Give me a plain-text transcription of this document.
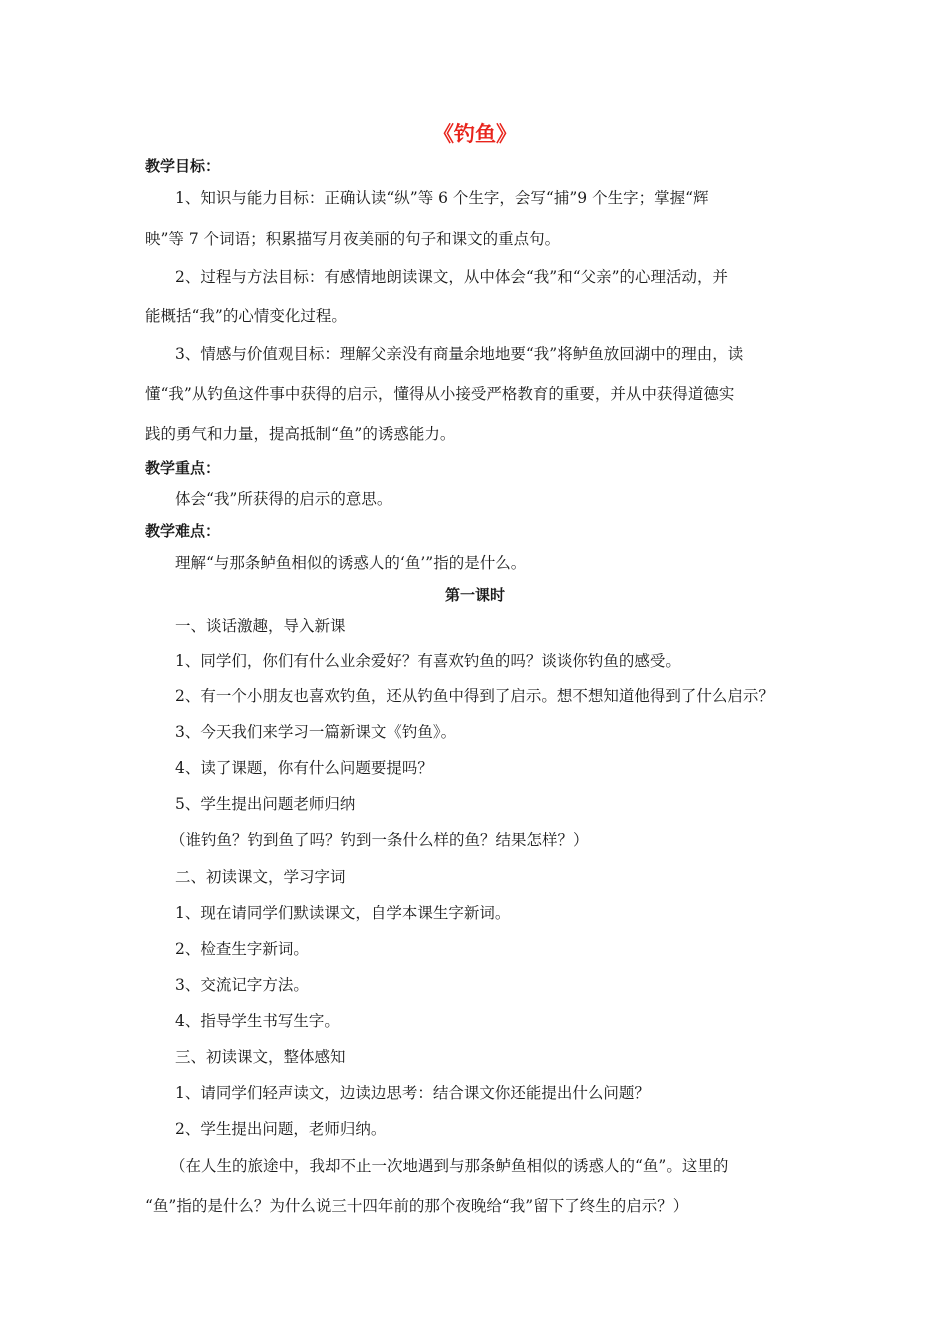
《钓鱼》
教学目标：
1、知识与能力目标：正确认读“纵”等 6 个生字，会写“捕”9 个生字；掌握“辉
映”等 7 个词语；积累描写月夜美丽的句子和课文的重点句。
2、过程与方法目标：有感情地朗读课文，从中体会“我”和“父亲”的心理活动，并
能概括“我”的心情变化过程。
3、情感与价值观目标：理解父亲没有商量余地地要“我”将鲈鱼放回湖中的理由，读
懂“我”从钓鱼这件事中获得的启示，懂得从小接受严格教育的重要，并从中获得道德实
践的勇气和力量，提高抵制“鱼”的诱惑能力。
教学重点：
体会“我”所获得的启示的意思。
教学难点：
理解“与那条鲈鱼相似的诱惑人的‘鱼’”指的是什么。
第一课时
一、谈话激趣，导入新课
1、同学们，你们有什么业余爱好？有喜欢钓鱼的吗？谈谈你钓鱼的感受。
2、有一个小朋友也喜欢钓鱼，还从钓鱼中得到了启示。想不想知道他得到了什么启示？
3、今天我们来学习一篇新课文《钓鱼》。
4、读了课题，你有什么问题要提吗？
5、学生提出问题老师归纳
（谁钓鱼？钓到鱼了吗？钓到一条什么样的鱼？结果怎样？）
二、初读课文，学习字词
1、现在请同学们默读课文，自学本课生字新词。
2、检查生字新词。
3、交流记字方法。
4、指导学生书写生字。
三、初读课文，整体感知
1、请同学们轻声读文，边读边思考：结合课文你还能提出什么问题？
2、学生提出问题，老师归纳。
（在人生的旅途中，我却不止一次地遇到与那条鲈鱼相似的诱惑人的“鱼”。这里的
“鱼”指的是什么？为什么说三十四年前的那个夜晚给“我”留下了终生的启示？）
